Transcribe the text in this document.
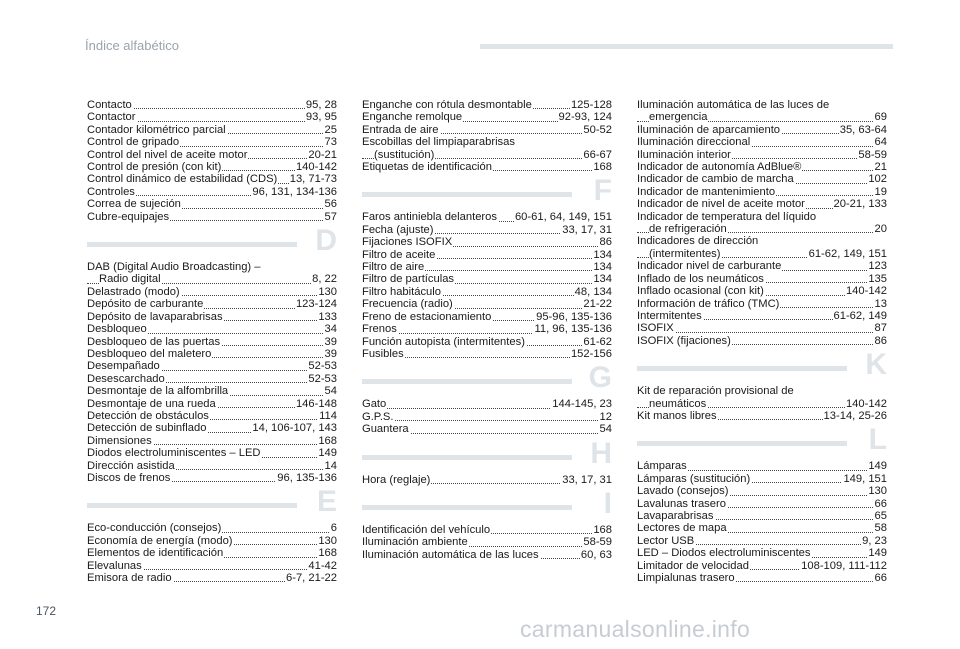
Índice alfabético
Contacto	95, 28
Contactor	93, 95
Contador kilométrico parcial	25
Control de gripado	73
Control del nivel de aceite motor	20-21
Control de presión (con kit)	140-142
Control dinámico de estabilidad (CDS) 13, 71-73
Controles	96, 131, 134-136
Correa de sujeción	56
Cubre-equipajes	57
D
DAB (Digital Audio Broadcasting) –
Radio digital	8, 22
Delastrado (modo)	130
Depósito de carburante	123-124
Depósito de lavaparabrisas	133
Desbloqueo	34
Desbloqueo de las puertas	39
Desbloqueo del maletero	39
Desempañado	52-53
Desescarchado	52-53
Desmontaje de la alfombrilla	54
Desmontaje de una rueda	146-148
Detección de obstáculos	114
Detección de subinflado	14, 106-107, 143
Dimensiones	168
Diodos electroluminiscentes – LED	149
Dirección asistida	14
Discos de frenos	96, 135-136
E
Eco-conducción (consejos)	6
Economía de energía (modo)	130
Elementos de identificación	168
Elevalunas	41-42
Emisora de radio	6-7, 21-22
Enganche con rótula desmontable	125-128
Enganche remolque	92-93, 124
Entrada de aire	50-52
Escobillas del limpiaparabrisas
(sustitución)	66-67
Etiquetas de identificación	168
F
Faros antiniebla delanteros 60-61, 64, 149, 151
Fecha (ajuste)	33, 17, 31
Fijaciones ISOFIX	86
Filtro de aceite	134
Filtro de aire	134
Filtro de partículas	134
Filtro habitáculo	48, 134
Frecuencia (radio)	21-22
Freno de estacionamiento	95-96, 135-136
Frenos	11, 96, 135-136
Función autopista (intermitentes)	61-62
Fusibles	152-156
G
Gato	144-145, 23
G.P.S.	12
Guantera	54
H
Hora (reglaje)	33, 17, 31
I
Identificación del vehículo	168
Iluminación ambiente	58-59
Iluminación automática de las luces	60, 63
Iluminación automática de las luces de
emergencia	69
Iluminación de aparcamiento	35, 63-64
Iluminación direccional	64
Iluminación interior	58-59
Indicador de autonomía AdBlue®	21
Indicador de cambio de marcha	102
Indicador de mantenimiento	19
Indicador de nivel de aceite motor	20-21, 133
Indicador de temperatura del líquido
de refrigeración	20
Indicadores de dirección
(intermitentes)	61-62, 149, 151
Indicador nivel de carburante	123
Inflado de los neumáticos	135
Inflado ocasional (con kit)	140-142
Información de tráfico (TMC)	13
Intermitentes	61-62, 149
ISOFIX	87
ISOFIX (fijaciones)	86
K
Kit de reparación provisional de
neumáticos	140-142
Kit manos libres	13-14, 25-26
L
Lámparas	149
Lámparas (sustitución)	149, 151
Lavado (consejos)	130
Lavalunas trasero	66
Lavaparabrisas	65
Lectores de mapa	58
Lector USB	9, 23
LED – Diodos electroluminiscentes	149
Limitador de velocidad	108-109, 111-112
Limpialunas trasero	66
172
carmanualsonline.info
